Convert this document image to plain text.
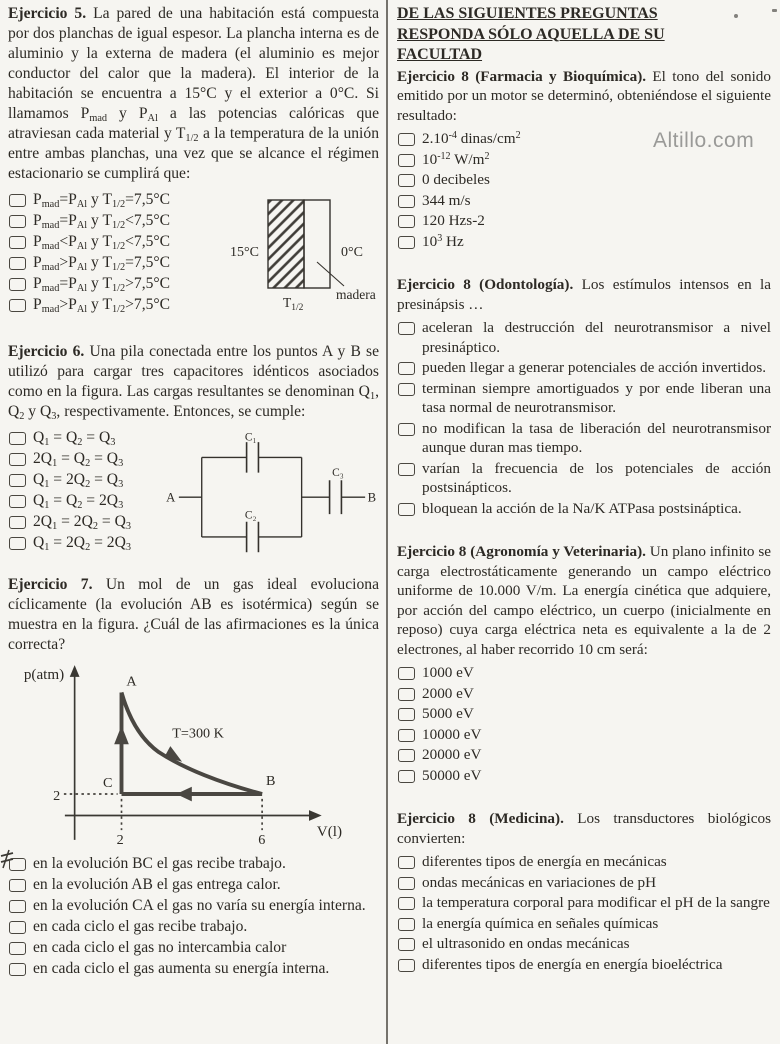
Altillo.com

Ejercicio 5. La pared de una habitación está compuesta por dos planchas de igual espesor. La plancha interna es de aluminio y la externa de madera (el aluminio es mejor conductor del calor que la madera). El interior de la habitación se encuentra a 15°C y el exterior a 0°C. Si llamamos $P_{mad}$ y $P_{Al}$ a las potencias calóricas que atraviesan cada material y $T_{1/2}$ a la temperatura de la unión entre ambas planchas, una vez que se alcance el régimen estacionario se cumplirá que:

$P_{mad}=P_{Al}$ y $T_{1/2}=7,5^\circ C$
$P_{mad}=P_{Al}$ y $T_{1/2}<7,5^\circ C$
$P_{mad}<P_{Al}$ y $T_{1/2}<7,5^\circ C$
$P_{mad}>P_{Al}$ y $T_{1/2}=7,5^\circ C$
$P_{mad}=P_{Al}$ y $T_{1/2}>7,5^\circ C$
$P_{mad}>P_{Al}$ y $T_{1/2}>7,5^\circ C$
15°C	0°C
madera
$T_{1/2}$

Ejercicio 6. Una pila conectada entre los puntos A y B se utilizó para cargar tres capacitores idénticos asociados como en la figura. Las cargas resultantes se denominan $Q_1$, $Q_2$ y $Q_3$, respectivamente. Entonces, se cumple:

$Q_1 = Q_2 = Q_3$
$2Q_1 = Q_2 = Q_3$
$Q_1 = 2Q_2 = Q_3$
$Q_1 = Q_2 = 2Q_3$
$2Q_1 = 2Q_2 = Q_3$
$Q_1 = 2Q_2 = 2Q_3$
A	B
C₁
C₂
C₃

Ejercicio 7. Un mol de un gas ideal evoluciona cíclicamente (la evolución AB es isotérmica) según se muestra en la figura. ¿Cuál de las afirmaciones es la única correcta?

p(atm)
V(l)
A
B
C
T=300 K
2
2	6
en la evolución BC el gas recibe trabajo.
en la evolución AB el gas entrega calor.
en la evolución CA el gas no varía su energía interna.
en cada ciclo el gas recibe trabajo.
en cada ciclo el gas no intercambia calor
en cada ciclo el gas aumenta su energía interna.
DE LAS SIGUIENTES PREGUNTAS
RESPONDA SÓLO AQUELLA DE SU
FACULTAD

Ejercicio 8 (Farmacia y Bioquímica). El tono del sonido emitido por un motor se determinó, obteniéndose el siguiente resultado:

$2.10^{-4}$ dinas/$cm^2$
$10^{-12}$ $W/m^2$
0 decibeles
344 m/s
120 Hzs-2
$10^3$ Hz

Ejercicio 8 (Odontología). Los estímulos intensos en la presinápsis …

aceleran la destrucción del neurotransmisor a nivel presináptico.
pueden llegar a generar potenciales de acción invertidos.
terminan siempre amortiguados y por ende liberan una tasa normal de neurotransmisor.
no modifican la tasa de liberación del neurotransmisor aunque duran mas tiempo.
varían la frecuencia de los potenciales de acción postsinápticos.
bloquean la acción de la Na/K ATPasa postsináptica.

Ejercicio 8 (Agronomía y Veterinaria). Un plano infinito se carga electrostáticamente generando un campo eléctrico uniforme de 10.000 V/m. La energía cinética que adquiere, por acción del campo eléctrico, un cuerpo (inicialmente en reposo) cuya carga eléctrica neta es equivalente a la de 2 electrones, al haber recorrido 10 cm será:

1000 eV
2000 eV
5000 eV
10000 eV
20000 eV
50000 eV

Ejercicio 8 (Medicina). Los transductores biológicos convierten:

diferentes tipos de energía en mecánicas
ondas mecánicas en variaciones de pH
la temperatura corporal para modificar el pH de la sangre
la energía química en señales químicas
el ultrasonido en ondas mecánicas
diferentes tipos de energía en energía bioeléctrica
